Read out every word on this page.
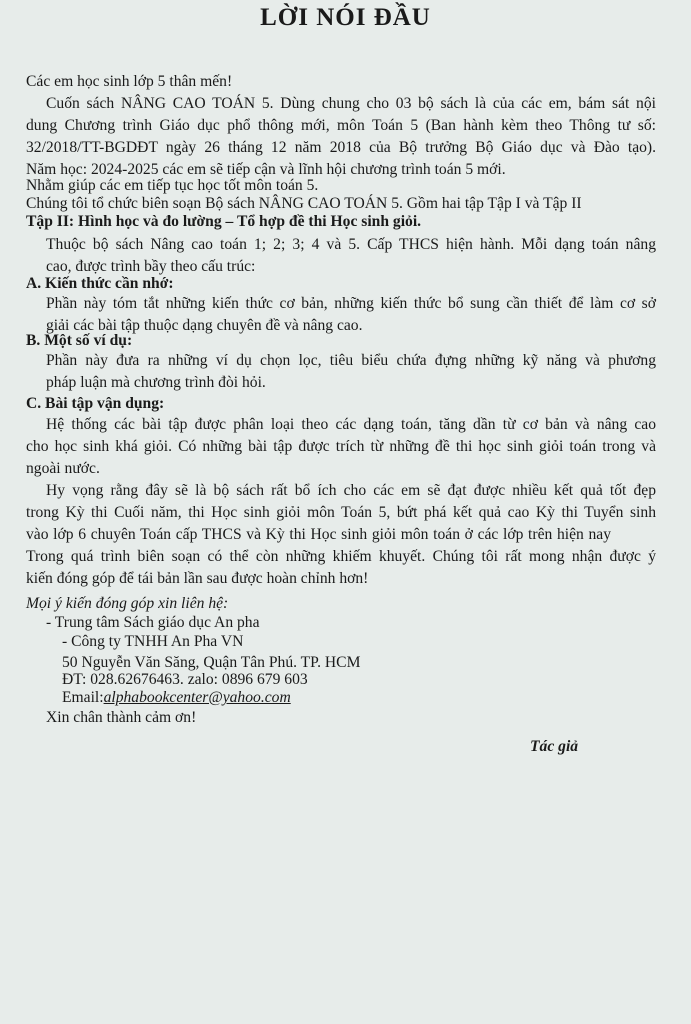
LỜI NÓI ĐẦU
Các em học sinh lớp 5 thân mến!
Cuốn sách NÂNG CAO TOÁN 5. Dùng chung cho 03 bộ sách là của các em, bám sát nội
dung Chương trình Giáo dục phổ thông mới, môn Toán 5 (Ban hành kèm theo Thông tư số:
32/2018/TT-BGDĐT ngày 26 tháng 12 năm 2018 của Bộ trưởng Bộ Giáo dục và Đào tạo).
Năm học: 2024-2025 các em sẽ tiếp cận và lĩnh hội chương trình toán 5 mới.
Nhằm giúp các em tiếp tục học tốt môn toán 5.
Chúng tôi tổ chức biên soạn Bộ sách NÂNG CAO TOÁN 5. Gồm hai tập Tập I và Tập II
Tập II: Hình học và đo lường – Tổ hợp đề thi Học sinh giỏi.
Thuộc bộ sách Nâng cao toán 1; 2; 3; 4 và 5. Cấp THCS hiện hành. Mỗi dạng toán nâng
cao, được trình bầy theo cấu trúc:
A. Kiến thức cần nhớ:
Phần này tóm tắt những kiến thức cơ bản, những kiến thức bổ sung cần thiết để làm cơ sở
giải các bài tập thuộc dạng chuyên đề và nâng cao.
B. Một số ví dụ:
Phần này đưa ra những ví dụ chọn lọc, tiêu biểu chứa đựng những kỹ năng và phương
pháp luận mà chương trình đòi hỏi.
C. Bài tập vận dụng:
Hệ thống các bài tập được phân loại theo các dạng toán, tăng dần từ cơ bản và nâng cao
cho học sinh khá giỏi. Có những bài tập được trích từ những đề thi học sinh giỏi toán trong và
ngoài nước.
Hy vọng rằng đây sẽ là bộ sách rất bổ ích cho các em sẽ đạt được nhiều kết quả tốt đẹp
trong Kỳ thi Cuối năm, thi Học sinh giỏi môn Toán 5, bứt phá kết quả cao Kỳ thi Tuyển sinh
vào lớp 6 chuyên Toán cấp THCS và Kỳ thi Học sinh giỏi môn toán ở các lớp trên hiện nay
Trong quá trình biên soạn có thể còn những khiếm khuyết. Chúng tôi rất mong nhận được ý
kiến đóng góp để tái bản lần sau được hoàn chỉnh hơn!
Mọi ý kiến đóng góp xin liên hệ:
- Trung tâm Sách giáo dục An pha
- Công ty TNHH An Pha VN
50 Nguyễn Văn Săng, Quận Tân Phú. TP. HCM
ĐT: 028.62676463. zalo: 0896 679 603
Email:alphabookcenter@yahoo.com
Xin chân thành cảm ơn!
Tác giả
